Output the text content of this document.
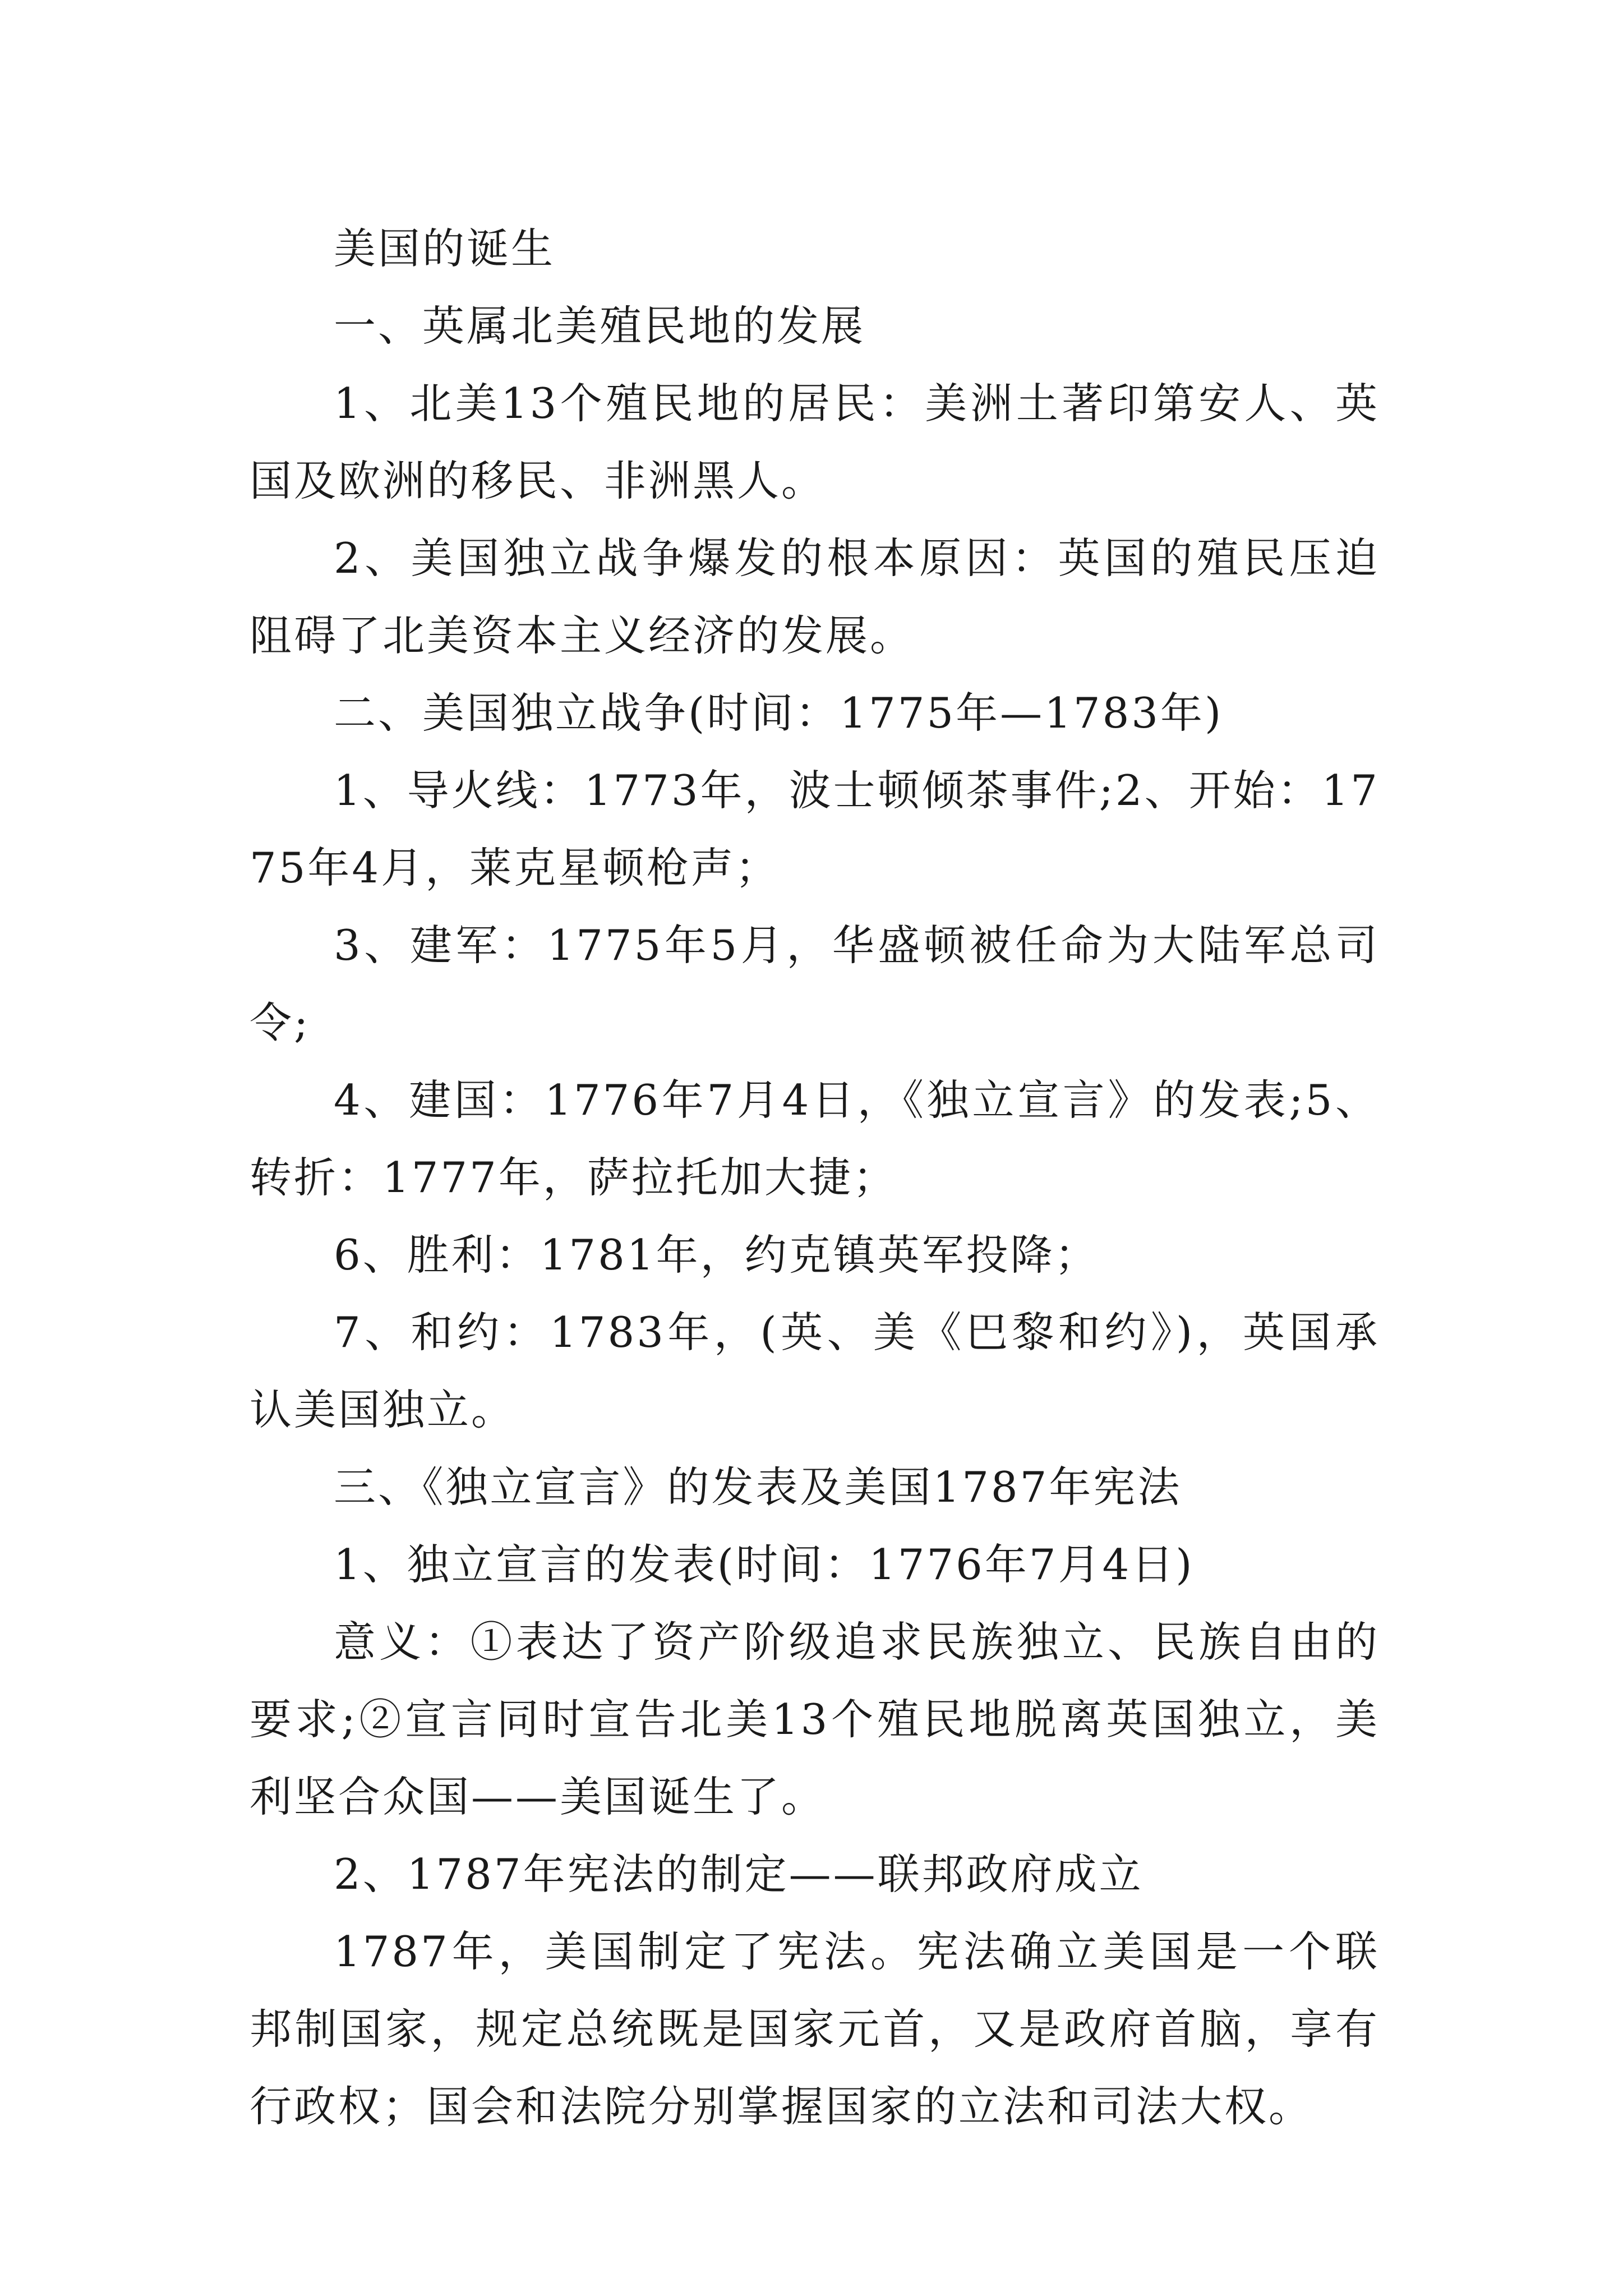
美国的诞生

一、英属北美殖民地的发展

1、北美13个殖民地的居民：美洲土著印第安人、英国及欧洲的移民、非洲黑人。

2、美国独立战争爆发的根本原因：英国的殖民压迫阻碍了北美资本主义经济的发展。

二、美国独立战争(时间：1775年—1783年)

1、导火线：1773年，波士顿倾茶事件;2、开始：1775年4月，莱克星顿枪声；

3、建军：1775年5月，华盛顿被任命为大陆军总司令;

4、建国：1776年7月4日，《独立宣言》的发表;5、转折：1777年，萨拉托加大捷；

6、胜利：1781年，约克镇英军投降；

7、和约：1783年，(英、美《巴黎和约》)，英国承认美国独立。

三、《独立宣言》的发表及美国1787年宪法

1、独立宣言的发表(时间：1776年7月4日)

意义：①表达了资产阶级追求民族独立、民族自由的要求;②宣言同时宣告北美13个殖民地脱离英国独立，美利坚合众国——美国诞生了。

2、1787年宪法的制定——联邦政府成立

1787年，美国制定了宪法。宪法确立美国是一个联邦制国家，规定总统既是国家元首，又是政府首脑，享有行政权；国会和法院分别掌握国家的立法和司法大权。
